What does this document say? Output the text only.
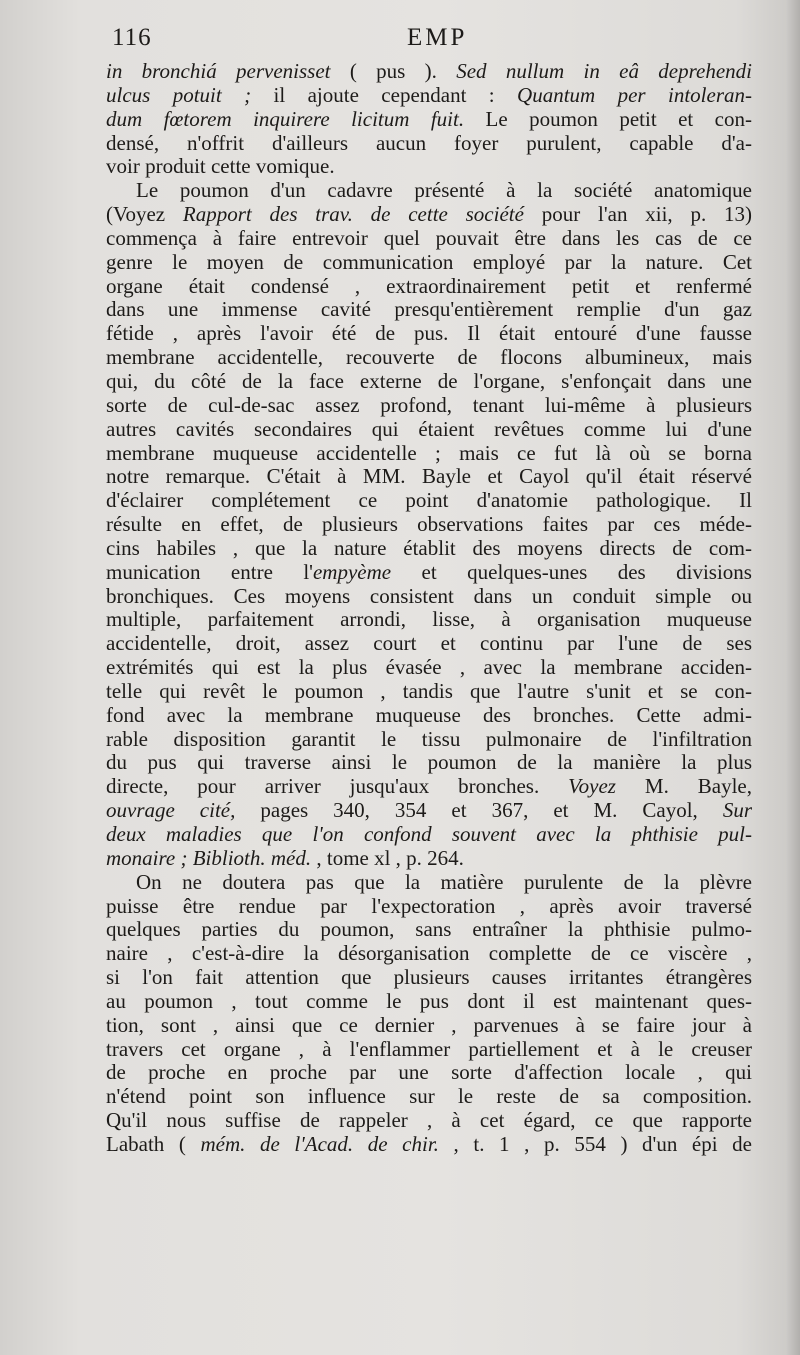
116	EMP
in bronchiá pervenisset ( pus ). Sed nullum in eâ deprehendi
ulcus potuit ; il ajoute cependant : Quantum per intoleran-
dum fœtorem inquirere licitum fuit. Le poumon petit et con-
densé, n'offrit d'ailleurs aucun foyer purulent, capable d'a-
voir produit cette vomique.
Le poumon d'un cadavre présenté à la société anatomique
(Voyez Rapport des trav. de cette société pour l'an xii, p. 13)
commença à faire entrevoir quel pouvait être dans les cas de ce
genre le moyen de communication employé par la nature. Cet
organe était condensé , extraordinairement petit et renfermé
dans une immense cavité presqu'entièrement remplie d'un gaz
fétide , après l'avoir été de pus. Il était entouré d'une fausse
membrane accidentelle, recouverte de flocons albumineux, mais
qui, du côté de la face externe de l'organe, s'enfonçait dans une
sorte de cul-de-sac assez profond, tenant lui-même à plusieurs
autres cavités secondaires qui étaient revêtues comme lui d'une
membrane muqueuse accidentelle ; mais ce fut là où se borna
notre remarque. C'était à MM. Bayle et Cayol qu'il était réservé
d'éclairer complétement ce point d'anatomie pathologique. Il
résulte en effet, de plusieurs observations faites par ces méde-
cins habiles , que la nature établit des moyens directs de com-
munication entre l'empyème et quelques-unes des divisions
bronchiques. Ces moyens consistent dans un conduit simple ou
multiple, parfaitement arrondi, lisse, à organisation muqueuse
accidentelle, droit, assez court et continu par l'une de ses
extrémités qui est la plus évasée , avec la membrane acciden-
telle qui revêt le poumon , tandis que l'autre s'unit et se con-
fond avec la membrane muqueuse des bronches. Cette admi-
rable disposition garantit le tissu pulmonaire de l'infiltration
du pus qui traverse ainsi le poumon de la manière la plus
directe, pour arriver jusqu'aux bronches. Voyez M. Bayle,
ouvrage cité, pages 340, 354 et 367, et M. Cayol, Sur
deux maladies que l'on confond souvent avec la phthisie pul-
monaire ; Biblioth. méd. , tome xl , p. 264.
On ne doutera pas que la matière purulente de la plèvre
puisse être rendue par l'expectoration , après avoir traversé
quelques parties du poumon, sans entraîner la phthisie pulmo-
naire , c'est-à-dire la désorganisation complette de ce viscère ,
si l'on fait attention que plusieurs causes irritantes étrangères
au poumon , tout comme le pus dont il est maintenant ques-
tion, sont , ainsi que ce dernier , parvenues à se faire jour à
travers cet organe , à l'enflammer partiellement et à le creuser
de proche en proche par une sorte d'affection locale , qui
n'étend point son influence sur le reste de sa composition.
Qu'il nous suffise de rappeler , à cet égard, ce que rapporte
Labath ( mém. de l'Acad. de chir. , t. 1 , p. 554 ) d'un épi de
